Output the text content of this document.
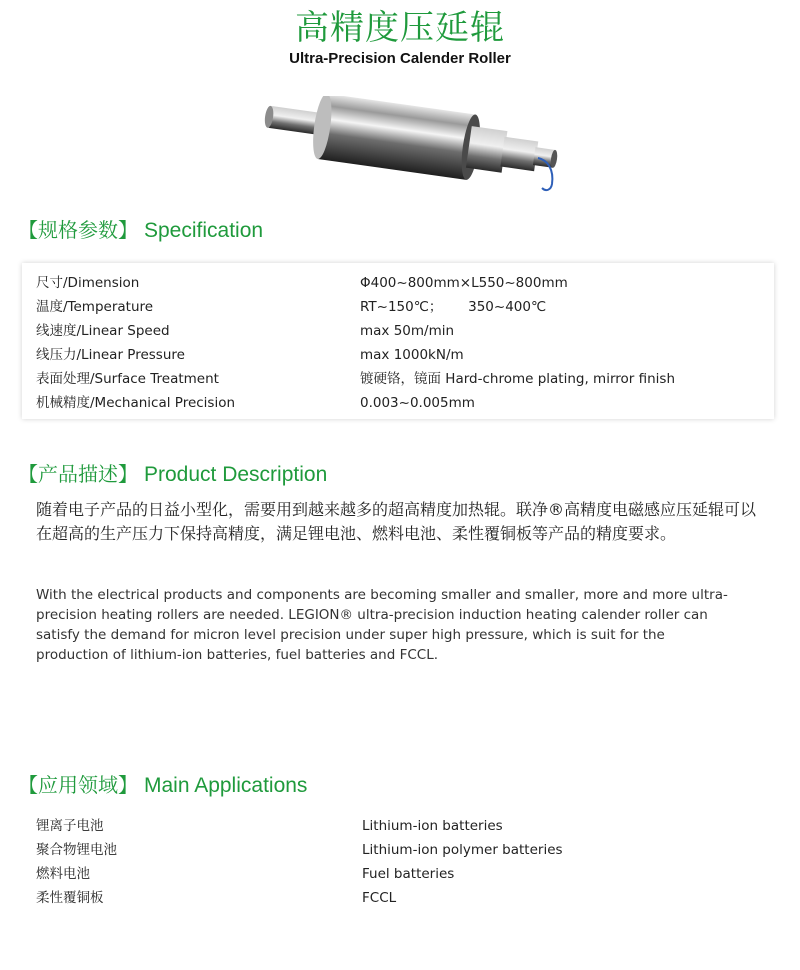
高精度压延辊
Ultra-Precision Calender Roller
【规格参数】 Specification
尺寸/Dimension	Φ400~800mm×L550~800mm
温度/Temperature	RT~150℃；      350~400℃
线速度/Linear Speed	max 50m/min
线压力/Linear Pressure	max 1000kN/m
表面处理/Surface Treatment	镀硬铬，镜面 Hard-chrome plating, mirror finish
机械精度/Mechanical Precision	0.003~0.005mm
【产品描述】 Product Description
随着电子产品的日益小型化，需要用到越来越多的超高精度加热辊。联净®高精度电磁感应压延辊可以在超高的生产压力下保持高精度，满足锂电池、燃料电池、柔性覆铜板等产品的精度要求。
With the electrical products and components are becoming smaller and smaller, more and more ultra-precision heating rollers are needed. LEGION® ultra-precision induction heating calender roller can satisfy the demand for micron level precision under super high pressure, which is suit for the production of lithium-ion batteries, fuel batteries and FCCL.
【应用领域】 Main Applications
锂离子电池	Lithium-ion batteries
聚合物锂电池	Lithium-ion polymer batteries
燃料电池	Fuel batteries
柔性覆铜板	FCCL
